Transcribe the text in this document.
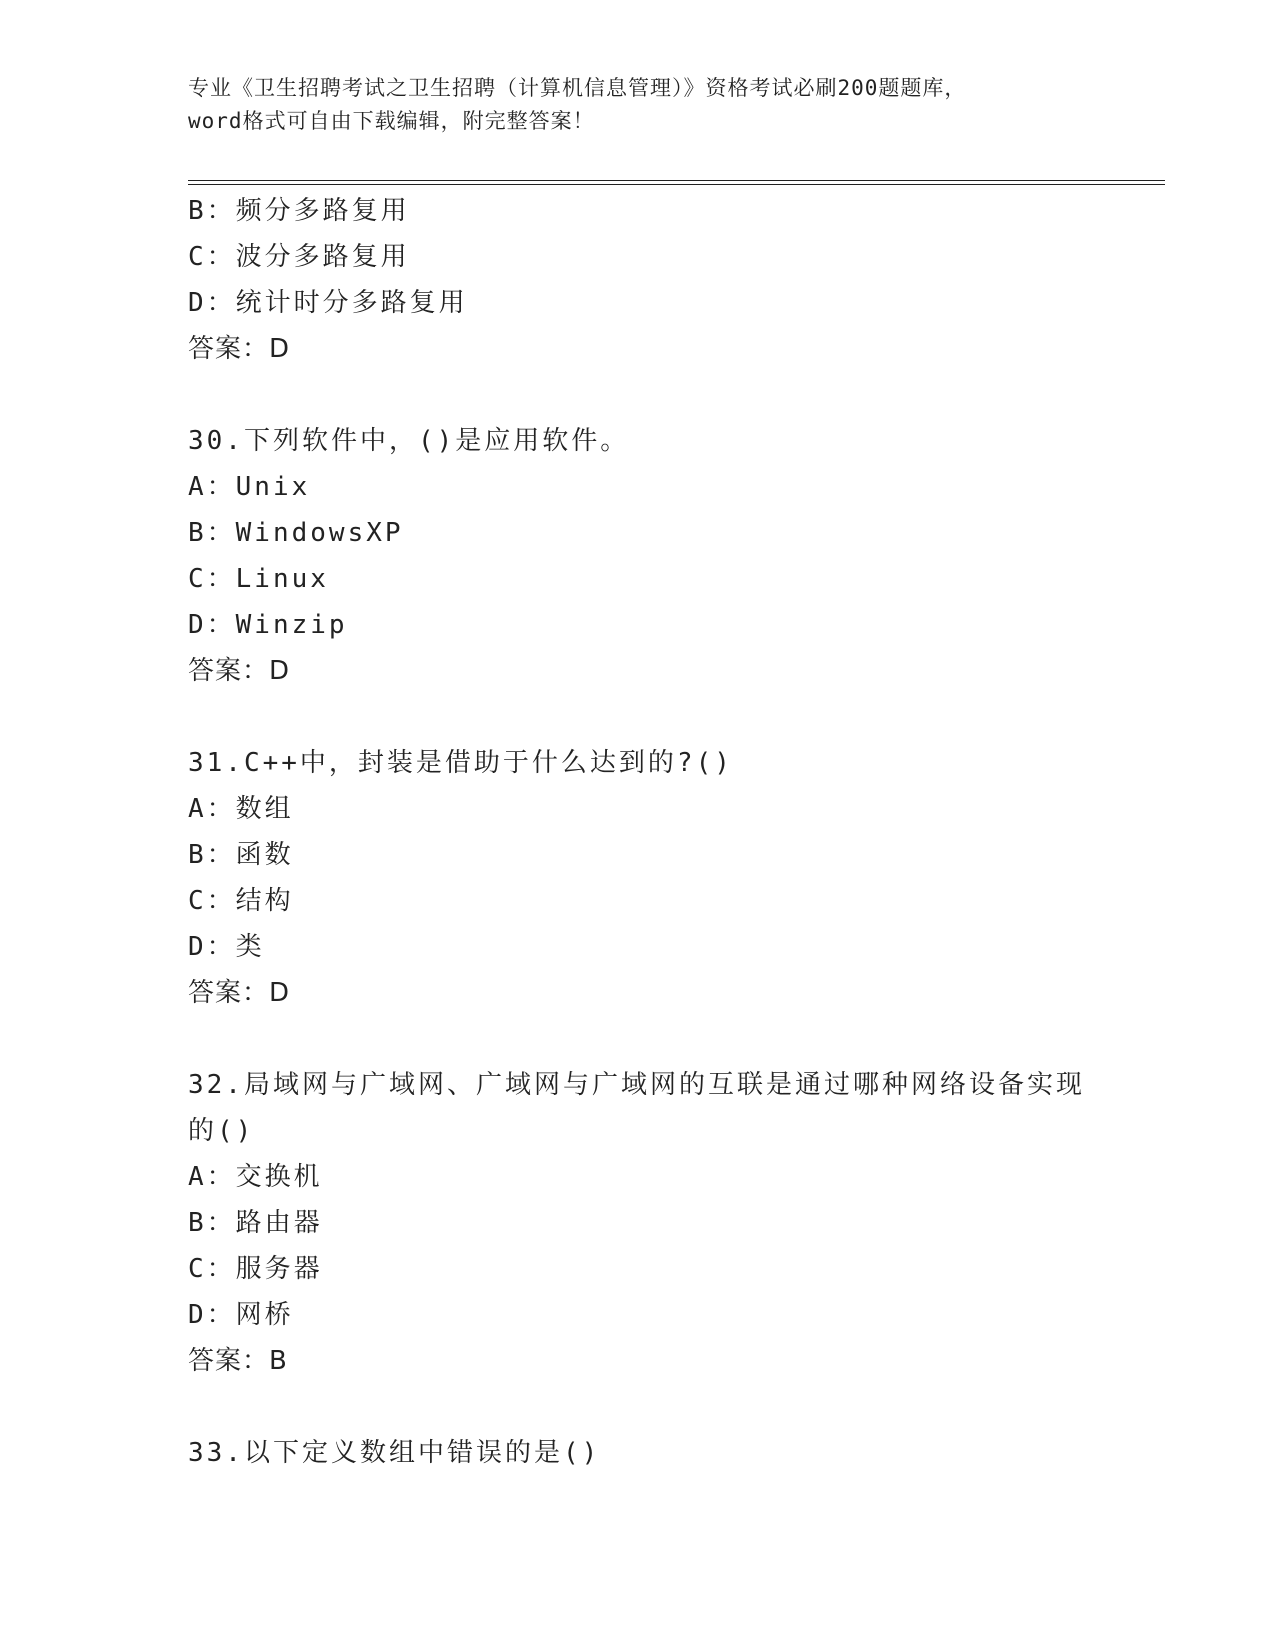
专业《卫生招聘考试之卫生招聘（计算机信息管理）》资格考试必刷200题题库，
word格式可自由下载编辑，附完整答案！
B：频分多路复用
C：波分多路复用
D：统计时分多路复用
答案：D
30.下列软件中，()是应用软件。
A：Unix
B：WindowsXP
C：Linux
D：Winzip
答案：D
31.C++中，封装是借助于什么达到的?()
A：数组
B：函数
C：结构
D：类
答案：D
32.局域网与广域网、广域网与广域网的互联是通过哪种网络设备实现
的()
A：交换机
B：路由器
C：服务器
D：网桥
答案：B
33.以下定义数组中错误的是()
